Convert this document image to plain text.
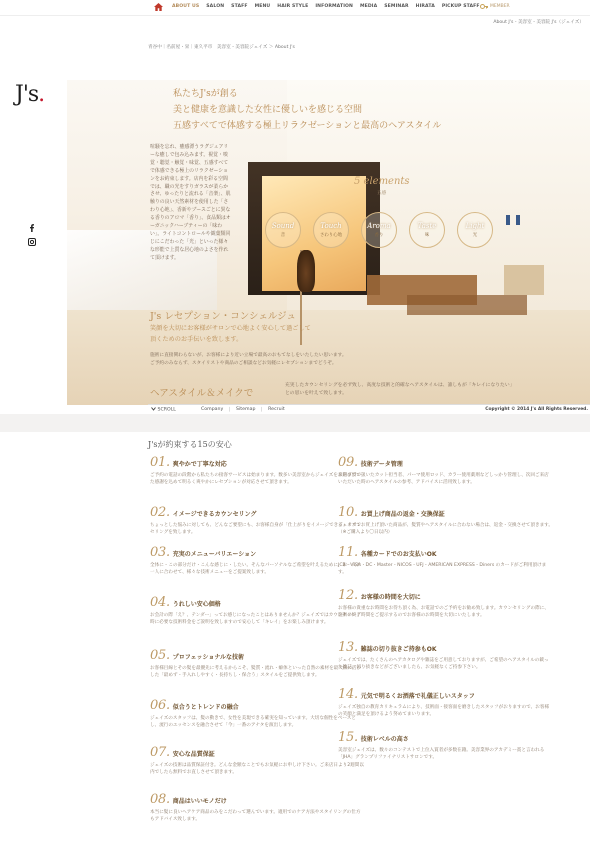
ABOUT US SALON STAFF MENU HAIR STYLE INFORMATION MEDIA SEMINAR HIRATA PICKUP STAFF MEMBER
About J's - 美容室・美容院 J's（ジェイズ）
青谷中｜名前屋・栄｜東久平市　美容室・美容院ジェイズ ＞ About J's
J's.	私たちJ'sが創る
美と健康を意識した女性に優しいを感じる空間
五感すべてで体感する極上リラクゼーションと最高のヘアスタイル
喧騒を忘れ、癒感漂うラグジュアリーな癒しで包み込みます。視覚・嗅覚・聴覚・触覚・味覚、五感すべてで体感できる極上のリラクゼーションをお約束します。店内を彩る空間では、職の光をすりガラスが柔らかさせ、ゆったりと流れる「音楽」、肌触りの良い天然素材を使用した「さわり心地」、香新やブースごとに異なる香りのアロマ「香り」、食品類はオーガニックハーブティーの「味わい」。ライトコントロールや観葉類同じにこだわった「光」といった様々な形能で上質な居心地のよさを作れて頂けます。
5 elements
五感
Sound
音
Touch
さわり心地
Aroma
香り
Taste
味
Light
光
J's レセプション・コンシェルジュ
笑顔を大切にお客様がサロンで心地よく安心して過ごして
頂くためのお手伝いを致します。
施術に直接関わらないが、お客様により近い立場で最高のおもてなしをいたしたい思います。
ご予約のみならず、スタイリストや商品のご相談などお気軽にレセプションまでどうぞ。
ヘアスタイル＆メイクで
充実したカウンセリングを必ず致し、高度な技術と的確なヘアスタイルは、誰しもが「キレイになりたい」との思いを叶えて致します。
SCROLL	Company ｜ Sitemap ｜ Recruit	Copyright © 2014 J's All Rights Reserved.
J'sが約束する15の安心
01. 爽やかで丁寧な対応
ご予約の電話の段階から私たちの接客サービスは始まります。数多い美容室からジェイズをお選び頂いた感謝を込めて明るく爽やかにレセプションが対応させて頂きます。
02. イメージできるカウンセリング
ちょっとした悩みに対しても、どんなご要望にも、お客様自身が「仕上がりをイメージできる」カウンセリングを致します。
03. 充実のメニューバリエーション
全体に・この部分だけ・こんな感じに・したい。そんなパーソナルなご希望を叶えるために、お一人お一人に合わせて、様々な技術メニューをご提案致します。
04. うれしい安心価格
お会計の際「え？、テンダー」ってお感じになったことはありませんか？ジェイズではカウンセリング時に必要な技術料金をご説明を致しますので安心して「キレイ」をお楽しみ頂けます。
05. プロフェッショナルな技術
お客様目線とその髪を最優先に考えるからこそ、髪質・流れ・癖体といった自然の素材を最大限に活かした「最めず・手入れしやすく・長持ちし・保合う」スタイルをご提供致します。
06. 似合うとトレンドの融合
ジェイズのスタッフは、髪の動きで、女性を美現できる確実を知っています。大切な個性をベースとし、流行のエッセンスを融合させて「今」一番のアナタを演出します。
07. 安心な品質保証
ジェイズの技術は品質保証付き。どんな金額なことでもお気軽にお申しけ下さい。ご来店日より2週間以内でしたら無料でお直しさせて頂きます。
08. 商品はいいモノだけ
本当に髪に良いヘアケア商品のみをこだわって選んでいます。適用でのケア方法やスタイリングの仕方もアドバイス致します。
09. 技術データ管理
来日までで扱いたカット担当者、パーマ使用ロッド、カラー使用薬剤などしっかり管理し、次回ご来店いただいた時のヘアスタイルの参考、アドバイスに活用致します。
10. お買上げ商品の返金・交換保証
ジェイズでお買上げ頂いた商品が、髪質やヘアスタイルに合わない場合は、返金・交換させて頂きます。（※ご購入より〇日以内）
11. 各種カードでのお支払いOK
JCB・VISA・DC・Master・NICOS・UFJ・AMERICAN EXPRESS・Diners のカードがご利用頂けます。
12. お客様の時間を大切に
お客様の貴重なお時間をお待ち頂く為、お電話でのご予約をお勧め致します。カウンセリングの際に、施術の終了時間をご提示するのでお客様のお時間を大切にいたします。
13. 雑誌の切り抜きご持参もOK
ジェイズでは、たくさんのヘアカタログや雑誌をご用意しておりますが、ご希望のヘアスタイルの載った雑誌、切り抜きなどがございましたら、お気軽なくご持参下さい。
14. 元気で明るくお洒落で礼儀正しいスタッフ
ジェイズ独自の教育カリキュラムにより、技術面・接客面を磨きしたスタッフがおりますので、お客様の笑顔と満足を頂けるよう努めてまいります。
15. 技術レベルの高さ
美容室ジェイズは、数々のコンテストで上位入賞者が多数在籍。美容業界のアカデミー賞と言われる「JHA」グランプリファイナリストサロンです。
